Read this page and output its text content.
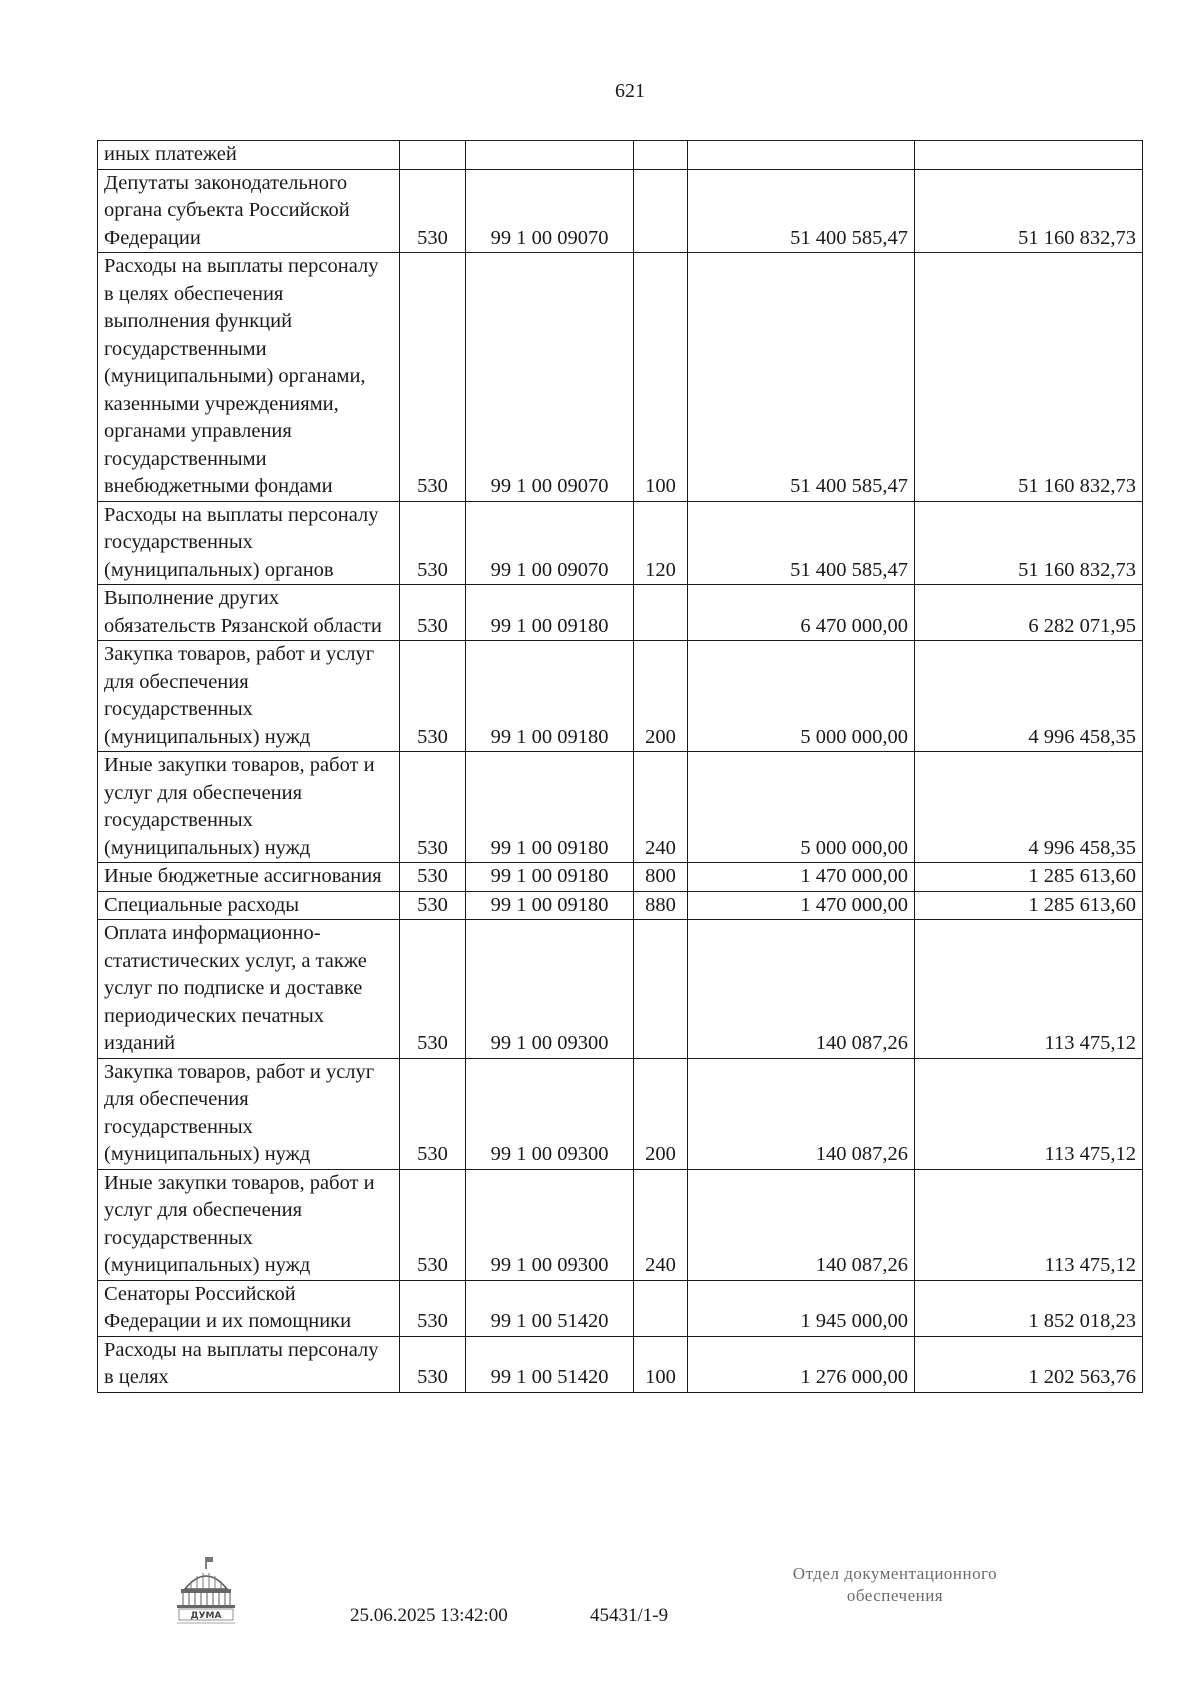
621
иных платежей					
Депутаты законодательного органа субъекта Российской Федерации	530	99 1 00 09070		51 400 585,47	51 160 832,73
Расходы на выплаты персоналу в целях обеспечения выполнения функций государственными (муниципальными) органами, казенными учреждениями, органами управления государственными внебюджетными фондами	530	99 1 00 09070	100	51 400 585,47	51 160 832,73
Расходы на выплаты персоналу государственных (муниципальных) органов	530	99 1 00 09070	120	51 400 585,47	51 160 832,73
Выполнение других обязательств Рязанской области	530	99 1 00 09180		6 470 000,00	6 282 071,95
Закупка товаров, работ и услуг для обеспечения государственных (муниципальных) нужд	530	99 1 00 09180	200	5 000 000,00	4 996 458,35
Иные закупки товаров, работ и услуг для обеспечения государственных (муниципальных) нужд	530	99 1 00 09180	240	5 000 000,00	4 996 458,35
Иные бюджетные ассигнования	530	99 1 00 09180	800	1 470 000,00	1 285 613,60
Специальные расходы	530	99 1 00 09180	880	1 470 000,00	1 285 613,60
Оплата информационно-статистических услуг, а также услуг по подписке и доставке периодических печатных изданий	530	99 1 00 09300		140 087,26	113 475,12
Закупка товаров, работ и услуг для обеспечения государственных (муниципальных) нужд	530	99 1 00 09300	200	140 087,26	113 475,12
Иные закупки товаров, работ и услуг для обеспечения государственных (муниципальных) нужд	530	99 1 00 09300	240	140 087,26	113 475,12
Сенаторы Российской Федерации и их помощники	530	99 1 00 51420		1 945 000,00	1 852 018,23
Расходы на выплаты персоналу в целях	530	99 1 00 51420	100	1 276 000,00	1 202 563,76
ДУМА	25.06.2025 13:42:00	45431/1-9
Отдел документационного
обеспечения
